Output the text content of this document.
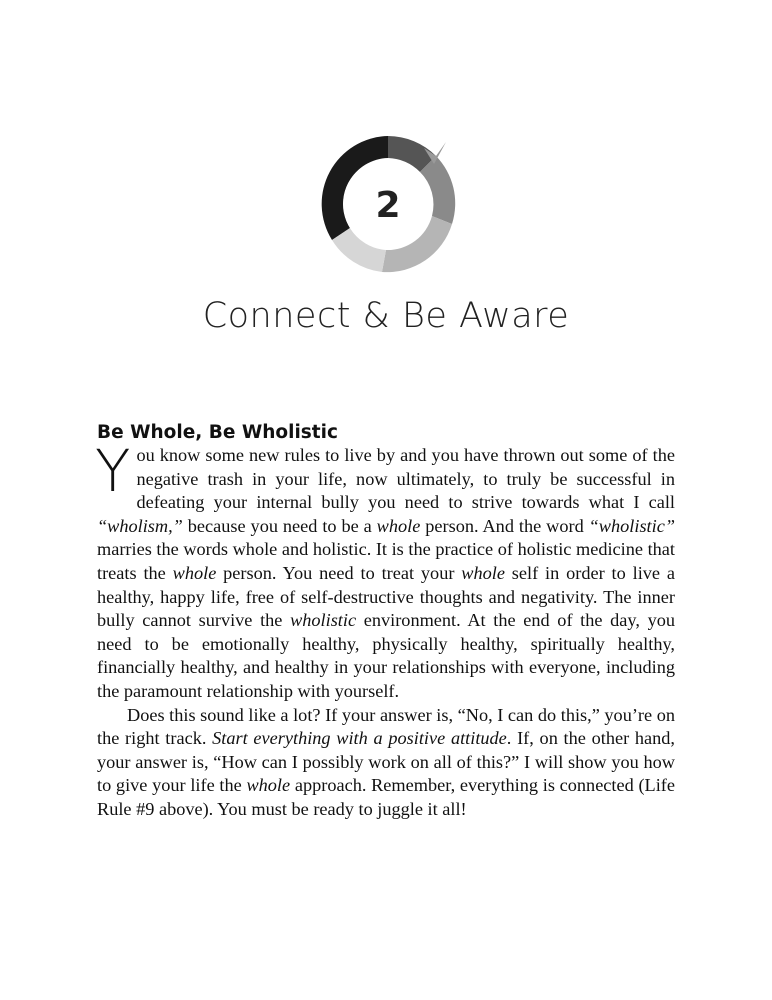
2
Connect & Be Aware
Be Whole, Be Wholistic

You know some new rules to live by and you have thrown out some of the negative trash in your life, now ultimately, to truly be successful in defeating your internal bully you need to strive towards what I call “wholism,” because you need to be a whole person. And the word “wholistic” marries the words whole and holistic. It is the practice of holistic medicine that treats the whole person. You need to treat your whole self in order to live a healthy, happy life, free of self-destructive thoughts and negativity. The inner bully cannot survive the wholistic environment. At the end of the day, you need to be emotionally healthy, physically healthy, spiritually healthy, financially healthy, and healthy in your relationships with everyone, including the paramount relationship with yourself.

Does this sound like a lot? If your answer is, “No, I can do this,” you’re on the right track. Start everything with a positive attitude. If, on the other hand, your answer is, “How can I possibly work on all of this?” I will show you how to give your life the whole approach. Remember, everything is connected (Life Rule #9 above). You must be ready to juggle it all!
